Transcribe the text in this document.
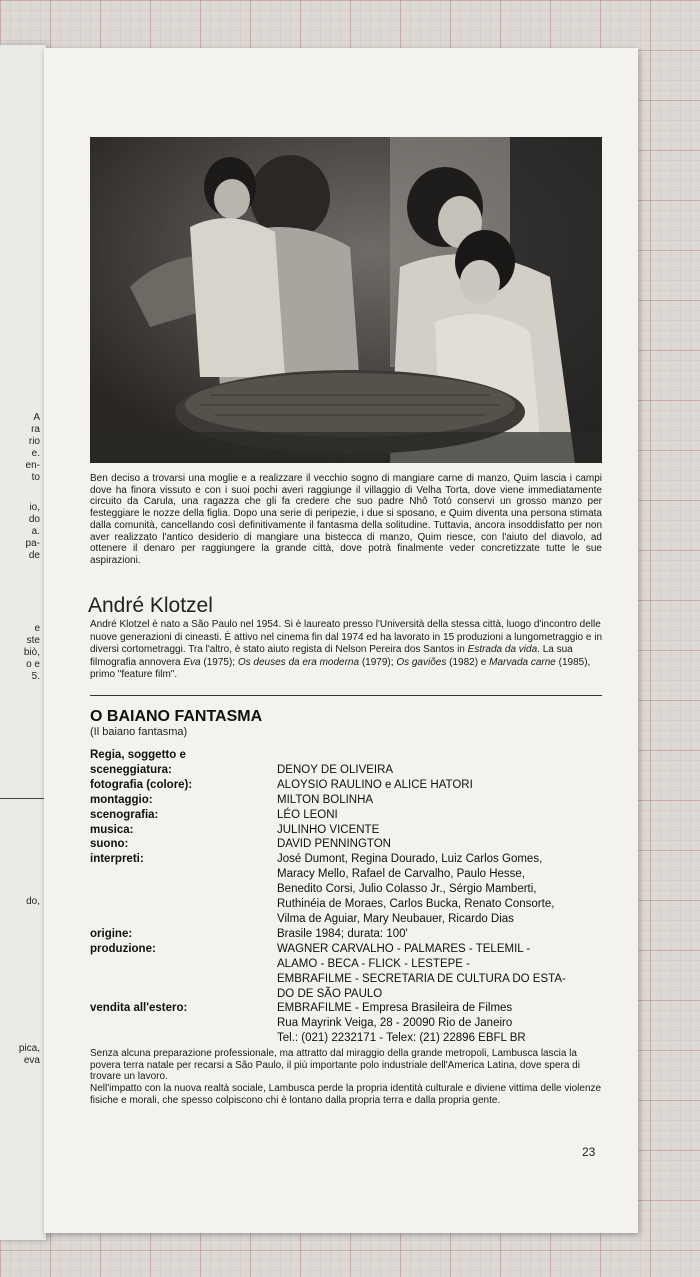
A
ra
rio
e.
en-
to
io,
do
a.
pa-
de
e
ste
biò,
o e
5.
do,
pica,
eva

Ben deciso a trovarsi una moglie e a realizzare il vecchio sogno di mangiare carne di manzo, Quim lascia i campi dove ha finora vissuto e con i suoi pochi averi raggiunge il villaggio di Velha Torta, dove viene immediatamente circuito da Carula, una ragazza che gli fa credere che suo padre Nhô Totó conservi un grosso manzo per festeggiare le nozze della figlia. Dopo una serie di peripezie, i due si sposano, e Quim diventa una persona stimata dalla comunità, cancellando così definitivamente il fantasma della solitudine. Tuttavia, ancora insoddisfatto per non aver realizzato l'antico desiderio di mangiare una bistecca di manzo, Quim riesce, con l'aiuto del diavolo, ad ottenere il denaro per raggiungere la grande città, dove potrà finalmente veder concretizzate tutte le sue aspirazioni.

André Klotzel

André Klotzel è nato a São Paulo nel 1954. Si è laureato presso l'Università della stessa città, luogo d'incontro delle nuove generazioni di cineasti. È attivo nel cinema fin dal 1974 ed ha lavorato in 15 produzioni a lungometraggio e in diversi cortometraggi. Tra l'altro, è stato aiuto regista di Nelson Pereira dos Santos in Estrada da vida. La sua filmografia annovera Eva (1975); Os deuses da era moderna (1979); Os gaviões (1982) e Marvada carne (1985), primo "feature film".

O BAIANO FANTASMA
(Il baiano fantasma)
Regia, soggetto e
sceneggiatura:	DENOY DE OLIVEIRA
fotografia (colore):	ALOYSIO RAULINO e ALICE HATORI
montaggio:	MILTON BOLINHA
scenografia:	LÉO LEONI
musica:	JULINHO VICENTE
suono:	DAVID PENNINGTON
interpreti:	José Dumont, Regina Dourado, Luiz Carlos Gomes,
Maracy Mello, Rafael de Carvalho, Paulo Hesse,
Benedito Corsi, Julio Colasso Jr., Sérgio Mamberti,
Ruthinéia de Moraes, Carlos Bucka, Renato Consorte,
Vilma de Aguiar, Mary Neubauer, Ricardo Dias
origine:	Brasile 1984; durata: 100'
produzione:	WAGNER CARVALHO - PALMARES - TELEMIL -
ALAMO - BECA - FLICK - LESTEPE -
EMBRAFILME - SECRETARIA DE CULTURA DO ESTA-
DO DE SÃO PAULO
vendita all'estero:	EMBRAFILME - Empresa Brasileira de Filmes
Rua Mayrink Veiga, 28 - 20090 Rio de Janeiro
Tel.: (021) 2232171 - Telex: (21) 22896 EBFL BR

Senza alcuna preparazione professionale, ma attratto dal miraggio della grande metropoli, Lambusca lascia la povera terra natale per recarsi a São Paulo, il più importante polo industriale dell'America Latina, dove spera di trovare un lavoro.

Nell'impatto con la nuova realtà sociale, Lambusca perde la propria identità culturale e diviene vittima delle violenze fisiche e morali, che spesso colpiscono chi è lontano dalla propria terra e dalla propria gente.

23
